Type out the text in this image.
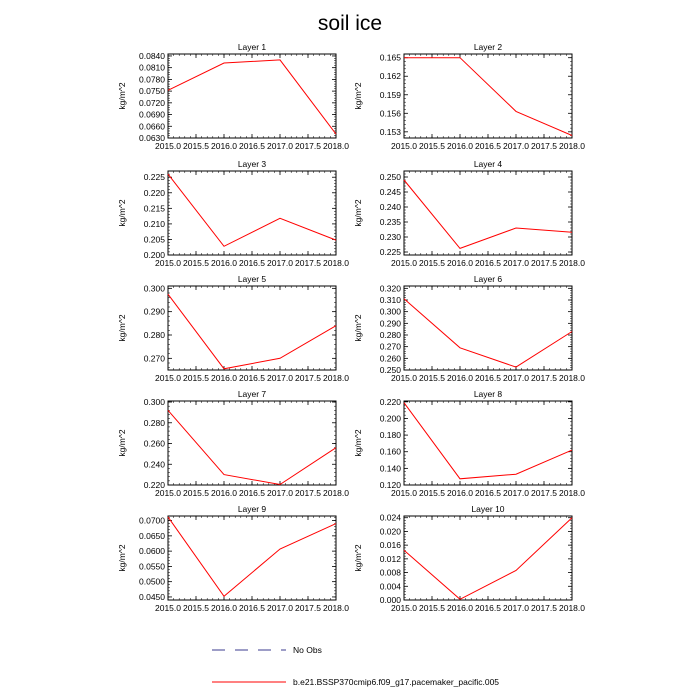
soil ice
Layer 1
2015.0 2015.5 2016.0 2016.5 2017.0 2017.5 2018.0
0.0630
0.0660
0.0690
0.0720
0.0750
0.0780
0.0810
0.0840
kg/m^2
Layer 2
2015.0 2015.5 2016.0 2016.5 2017.0 2017.5 2018.0
0.153
0.156
0.159
0.162
0.165
kg/m^2
Layer 3
2015.0 2015.5 2016.0 2016.5 2017.0 2017.5 2018.0
0.200
0.205
0.210
0.215
0.220
0.225
kg/m^2
Layer 4
2015.0 2015.5 2016.0 2016.5 2017.0 2017.5 2018.0
0.225
0.230
0.235
0.240
0.245
0.250
kg/m^2
Layer 5
2015.0 2015.5 2016.0 2016.5 2017.0 2017.5 2018.0
0.270
0.280
0.290
0.300
kg/m^2
Layer 6
2015.0 2015.5 2016.0 2016.5 2017.0 2017.5 2018.0
0.250
0.260
0.270
0.280
0.290
0.300
0.310
0.320
kg/m^2
Layer 7
2015.0 2015.5 2016.0 2016.5 2017.0 2017.5 2018.0
0.220
0.240
0.260
0.280
0.300
kg/m^2
Layer 8
2015.0 2015.5 2016.0 2016.5 2017.0 2017.5 2018.0
0.120
0.140
0.160
0.180
0.200
0.220
kg/m^2
Layer 9
2015.0 2015.5 2016.0 2016.5 2017.0 2017.5 2018.0
0.0450
0.0500
0.0550
0.0600
0.0650
0.0700
kg/m^2
Layer 10
2015.0 2015.5 2016.0 2016.5 2017.0 2017.5 2018.0
0.000
0.004
0.008
0.012
0.016
0.020
0.024
kg/m^2
No Obs
b.e21.BSSP370cmip6.f09_g17.pacemaker_pacific.005
